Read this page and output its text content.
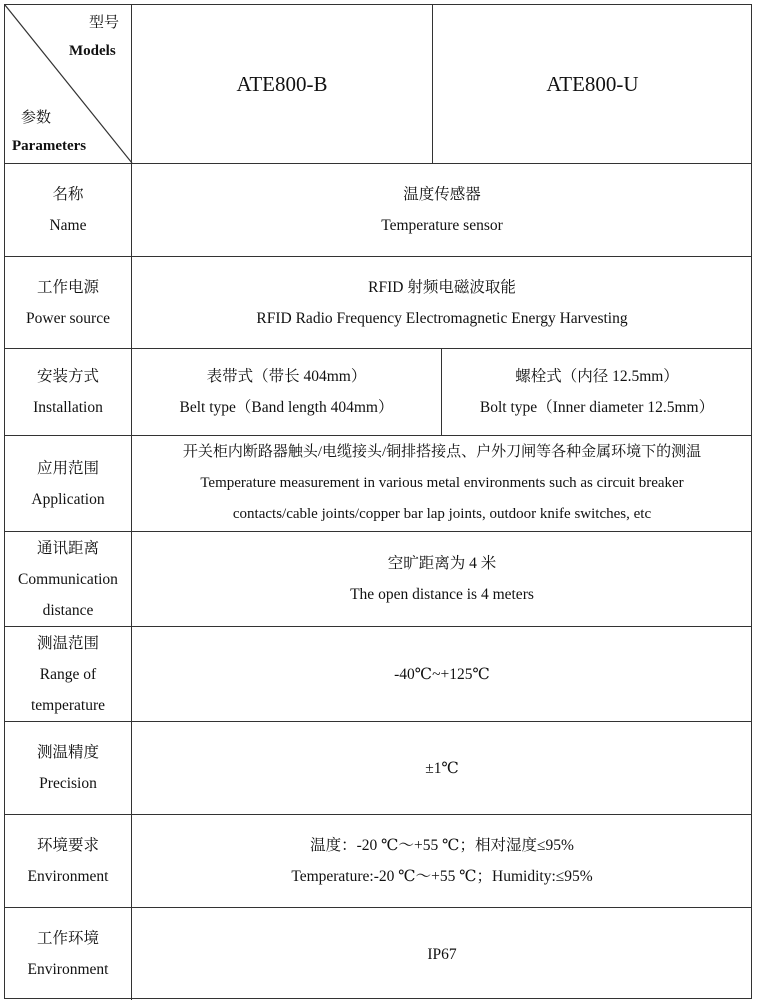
型号
Models
参数
Parameters
ATE800-B	ATE800-U
名称
Name
温度传感器
Temperature sensor
工作电源
Power source
RFID 射频电磁波取能
RFID Radio Frequency Electromagnetic Energy Harvesting
安装方式
Installation
表带式（带长 404mm）
Belt type（Band length 404mm）
螺栓式（内径 12.5mm）
Bolt type（Inner diameter 12.5mm）
应用范围
Application
开关柜内断路器触头/电缆接头/铜排搭接点、户外刀闸等各种金属环境下的测温
Temperature measurement in various metal environments such as circuit breaker
contacts/cable joints/copper bar lap joints, outdoor knife switches, etc
通讯距离
Communication
distance
空旷距离为 4 米
The open distance is 4 meters
测温范围
Range of
temperature
-40℃~+125℃
测温精度
Precision
±1℃
环境要求
Environment
温度：-20 ℃～+55 ℃；相对湿度≤95%
Temperature:-20 ℃～+55 ℃；Humidity:≤95%
工作环境
Environment
IP67
